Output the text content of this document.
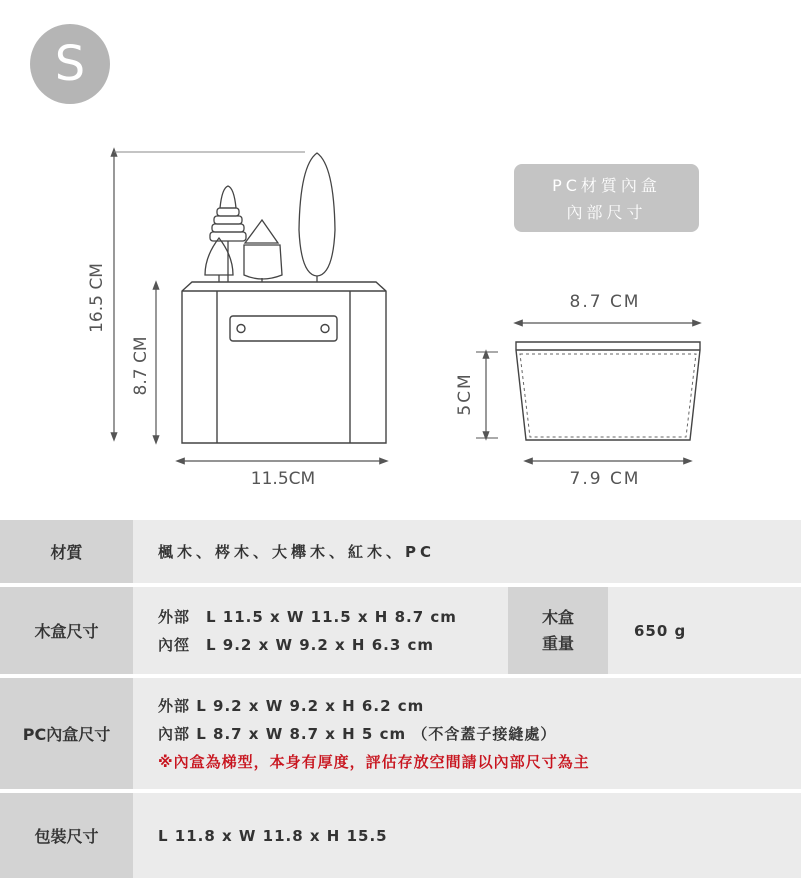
S
16.5 CM
8.7 CM
11.5CM
8.7 CM
5CM
7.9 CM
PC材質內盒
內部尺寸
材質	楓木、梣木、大櫸木、紅木、PC
木盒尺寸
外部　L 11.5 x W 11.5 x H 8.7 cm
內徑　L 9.2 x W 9.2 x H 6.3 cm
木盒
重量
650 g
PC內盒尺寸
外部 L 9.2 x W 9.2 x H 6.2 cm
內部 L 8.7 x W 8.7 x H 5 cm （不含蓋子接縫處）
※內盒為梯型，本身有厚度，評估存放空間請以內部尺寸為主
包裝尺寸	L 11.8 x W 11.8 x H 15.5
